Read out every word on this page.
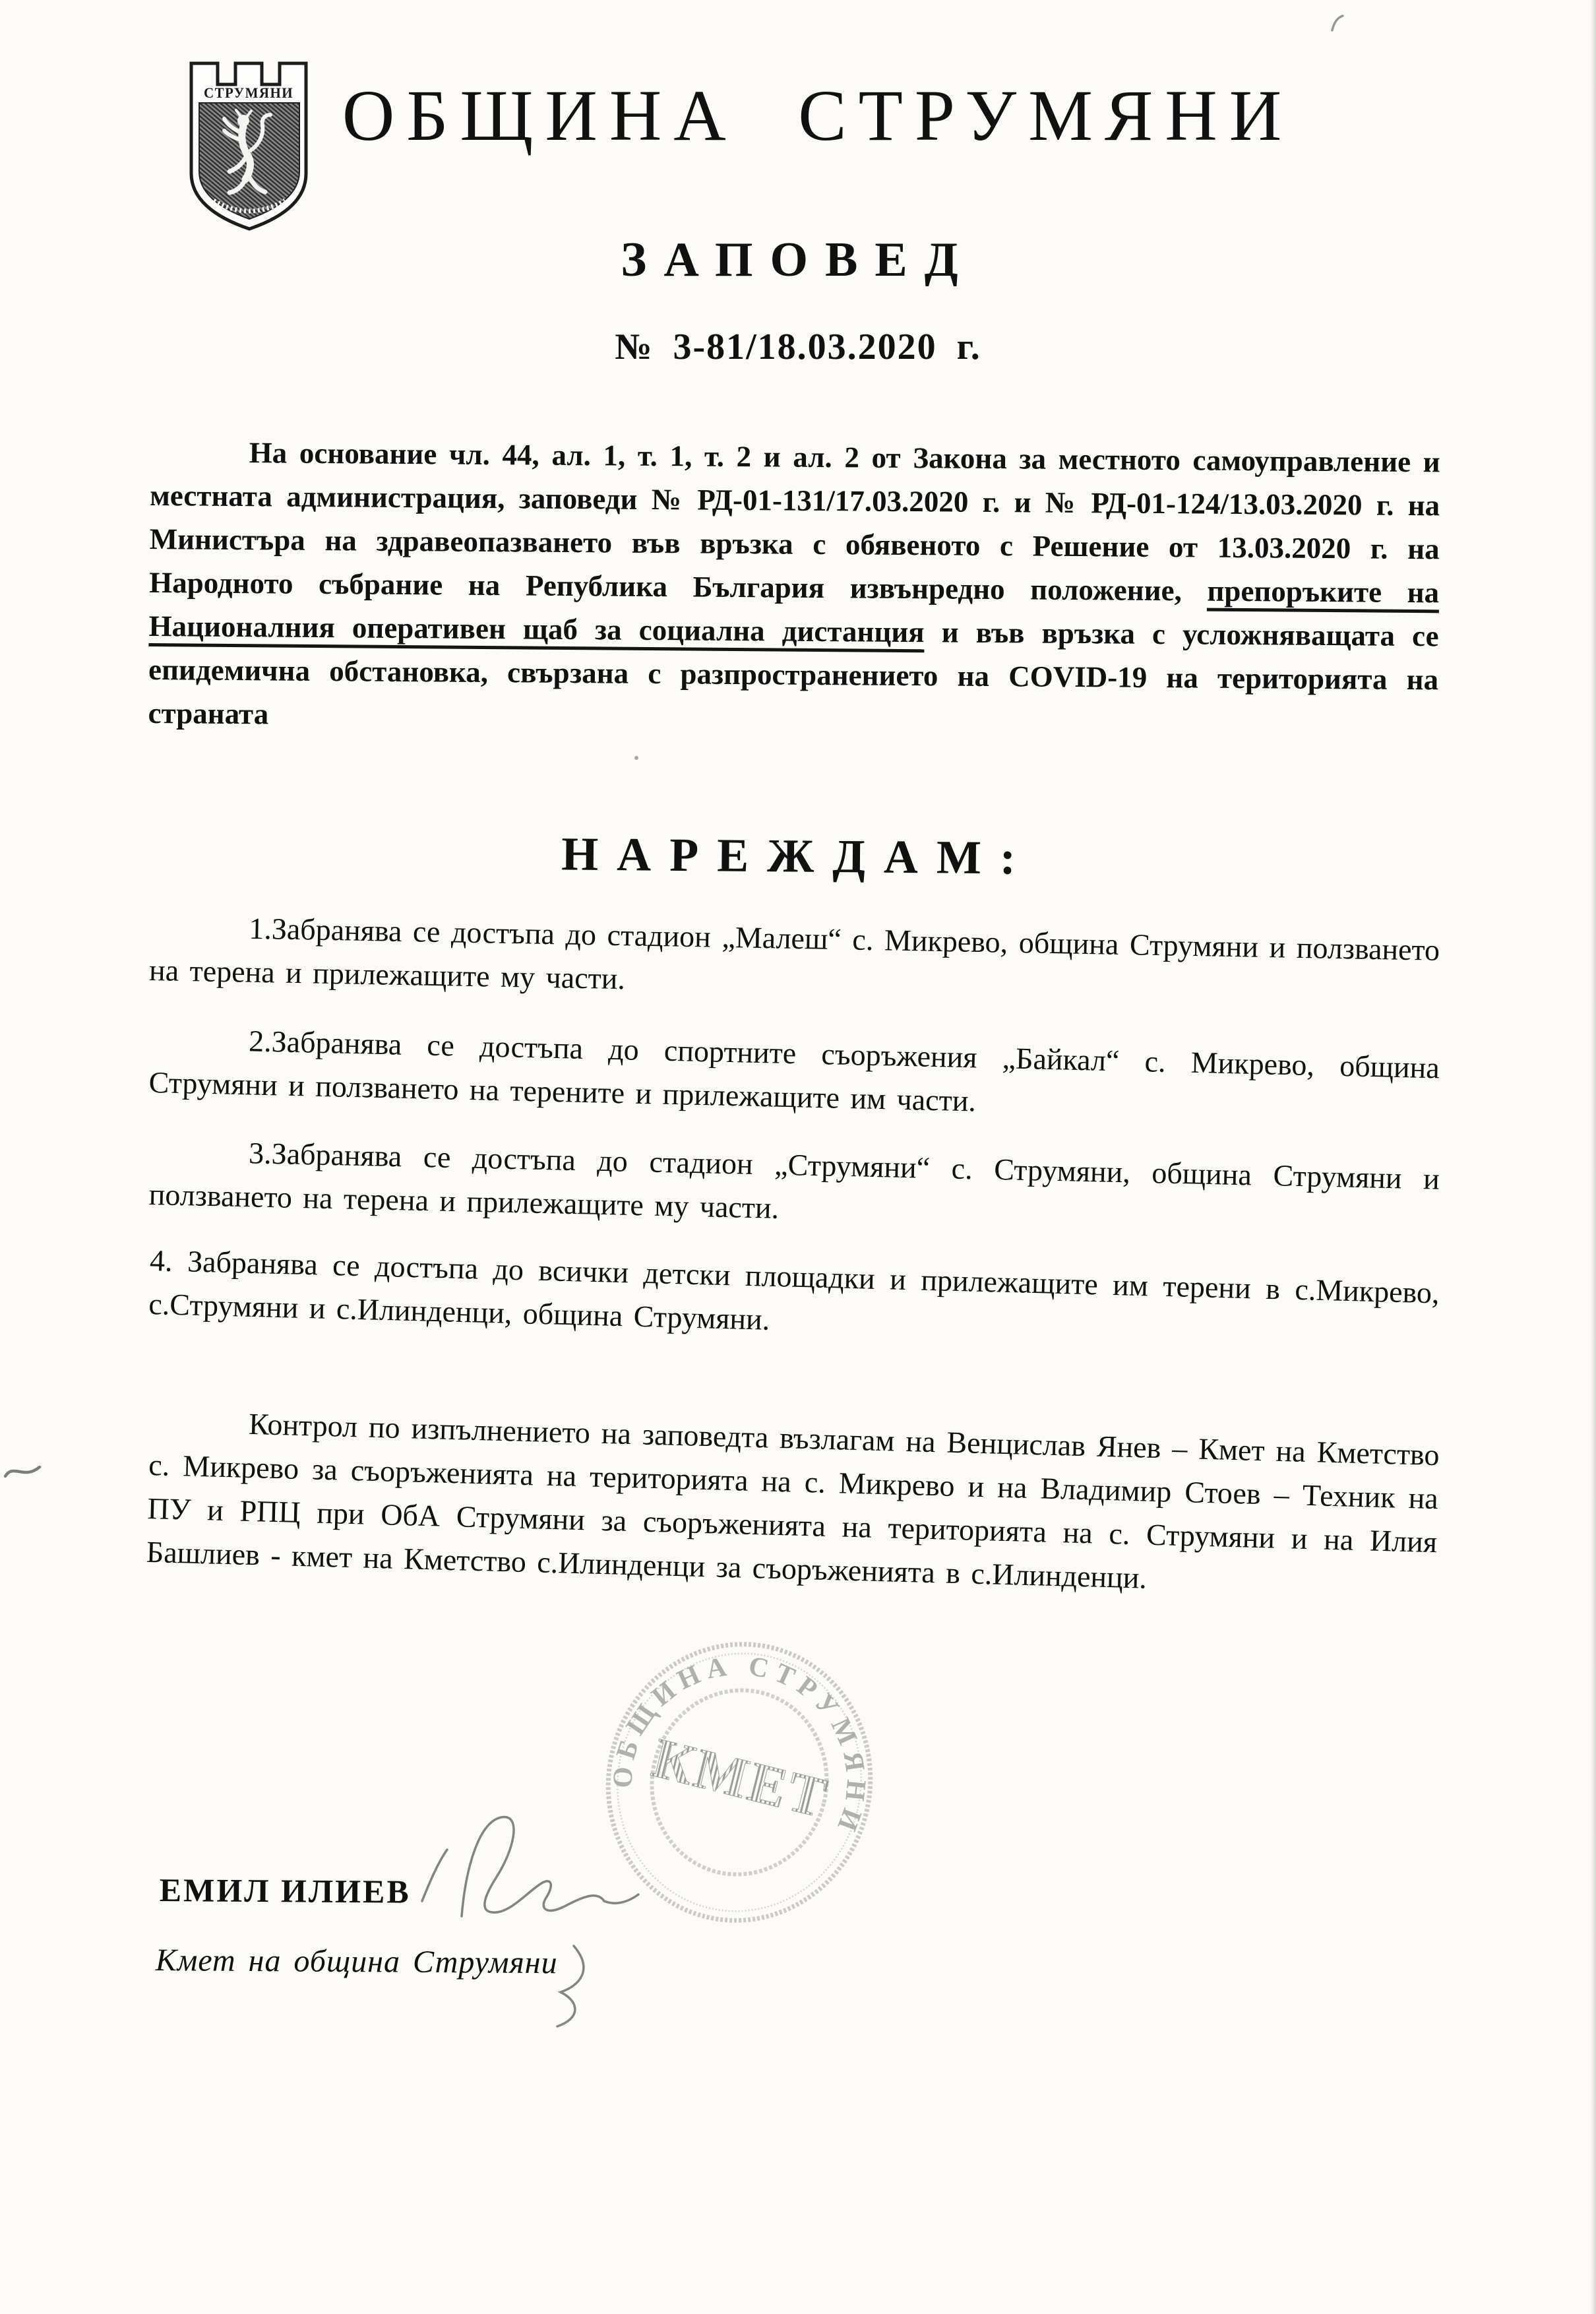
СТРУМЯНИ ОБЩИНА СТРУМЯНИ
ЗАПОВЕД
№ 3-81/18.03.2020 г.

На основание чл. 44, ал. 1, т. 1, т. 2 и ал. 2 от Закона за местното самоуправление и местната администрация, заповеди № РД-01-131/17.03.2020 г. и № РД-01-124/13.03.2020 г. на Министъра на здравеопазването във връзка с обявеното с Решение от 13.03.2020 г. на Народното събрание на Република България извънредно положение, препоръките на Националния оперативен щаб за социална дистанция и във връзка с усложняващата се епидемична обстановка, свързана с разпространението на COVID-19 на територията на страната

НАРЕЖДАМ:

1.Забранява се достъпа до стадион „Малеш“ с. Микрево, община Струмяни и ползването на терена и прилежащите му части.

2.Забранява се достъпа до спортните съоръжения „Байкал“ с. Микрево, община Струмяни и ползването на терените и прилежащите им части.

3.Забранява се достъпа до стадион „Струмяни“ с. Струмяни, община Струмяни и ползването на терена и прилежащите му части.

4. Забранява се достъпа до всички детски площадки и прилежащите им терени в с.Микрево, с.Струмяни и с.Илинденци, община Струмяни.

Контрол по изпълнението на заповедта възлагам на Венцислав Янев – Кмет на Кметство с. Микрево за съоръженията на територията на с. Микрево и на Владимир Стоев – Техник на ПУ и РПЦ при ОбА Струмяни за съоръженията на територията на с. Струмяни и на Илия Башлиев - кмет на Кметство с.Илинденци за съоръженията в с.Илинденци.

ОБЩИНА СТРУМЯНИ
КМЕТ
ЕМИЛ ИЛИЕВ
Кмет на община Струмяни
